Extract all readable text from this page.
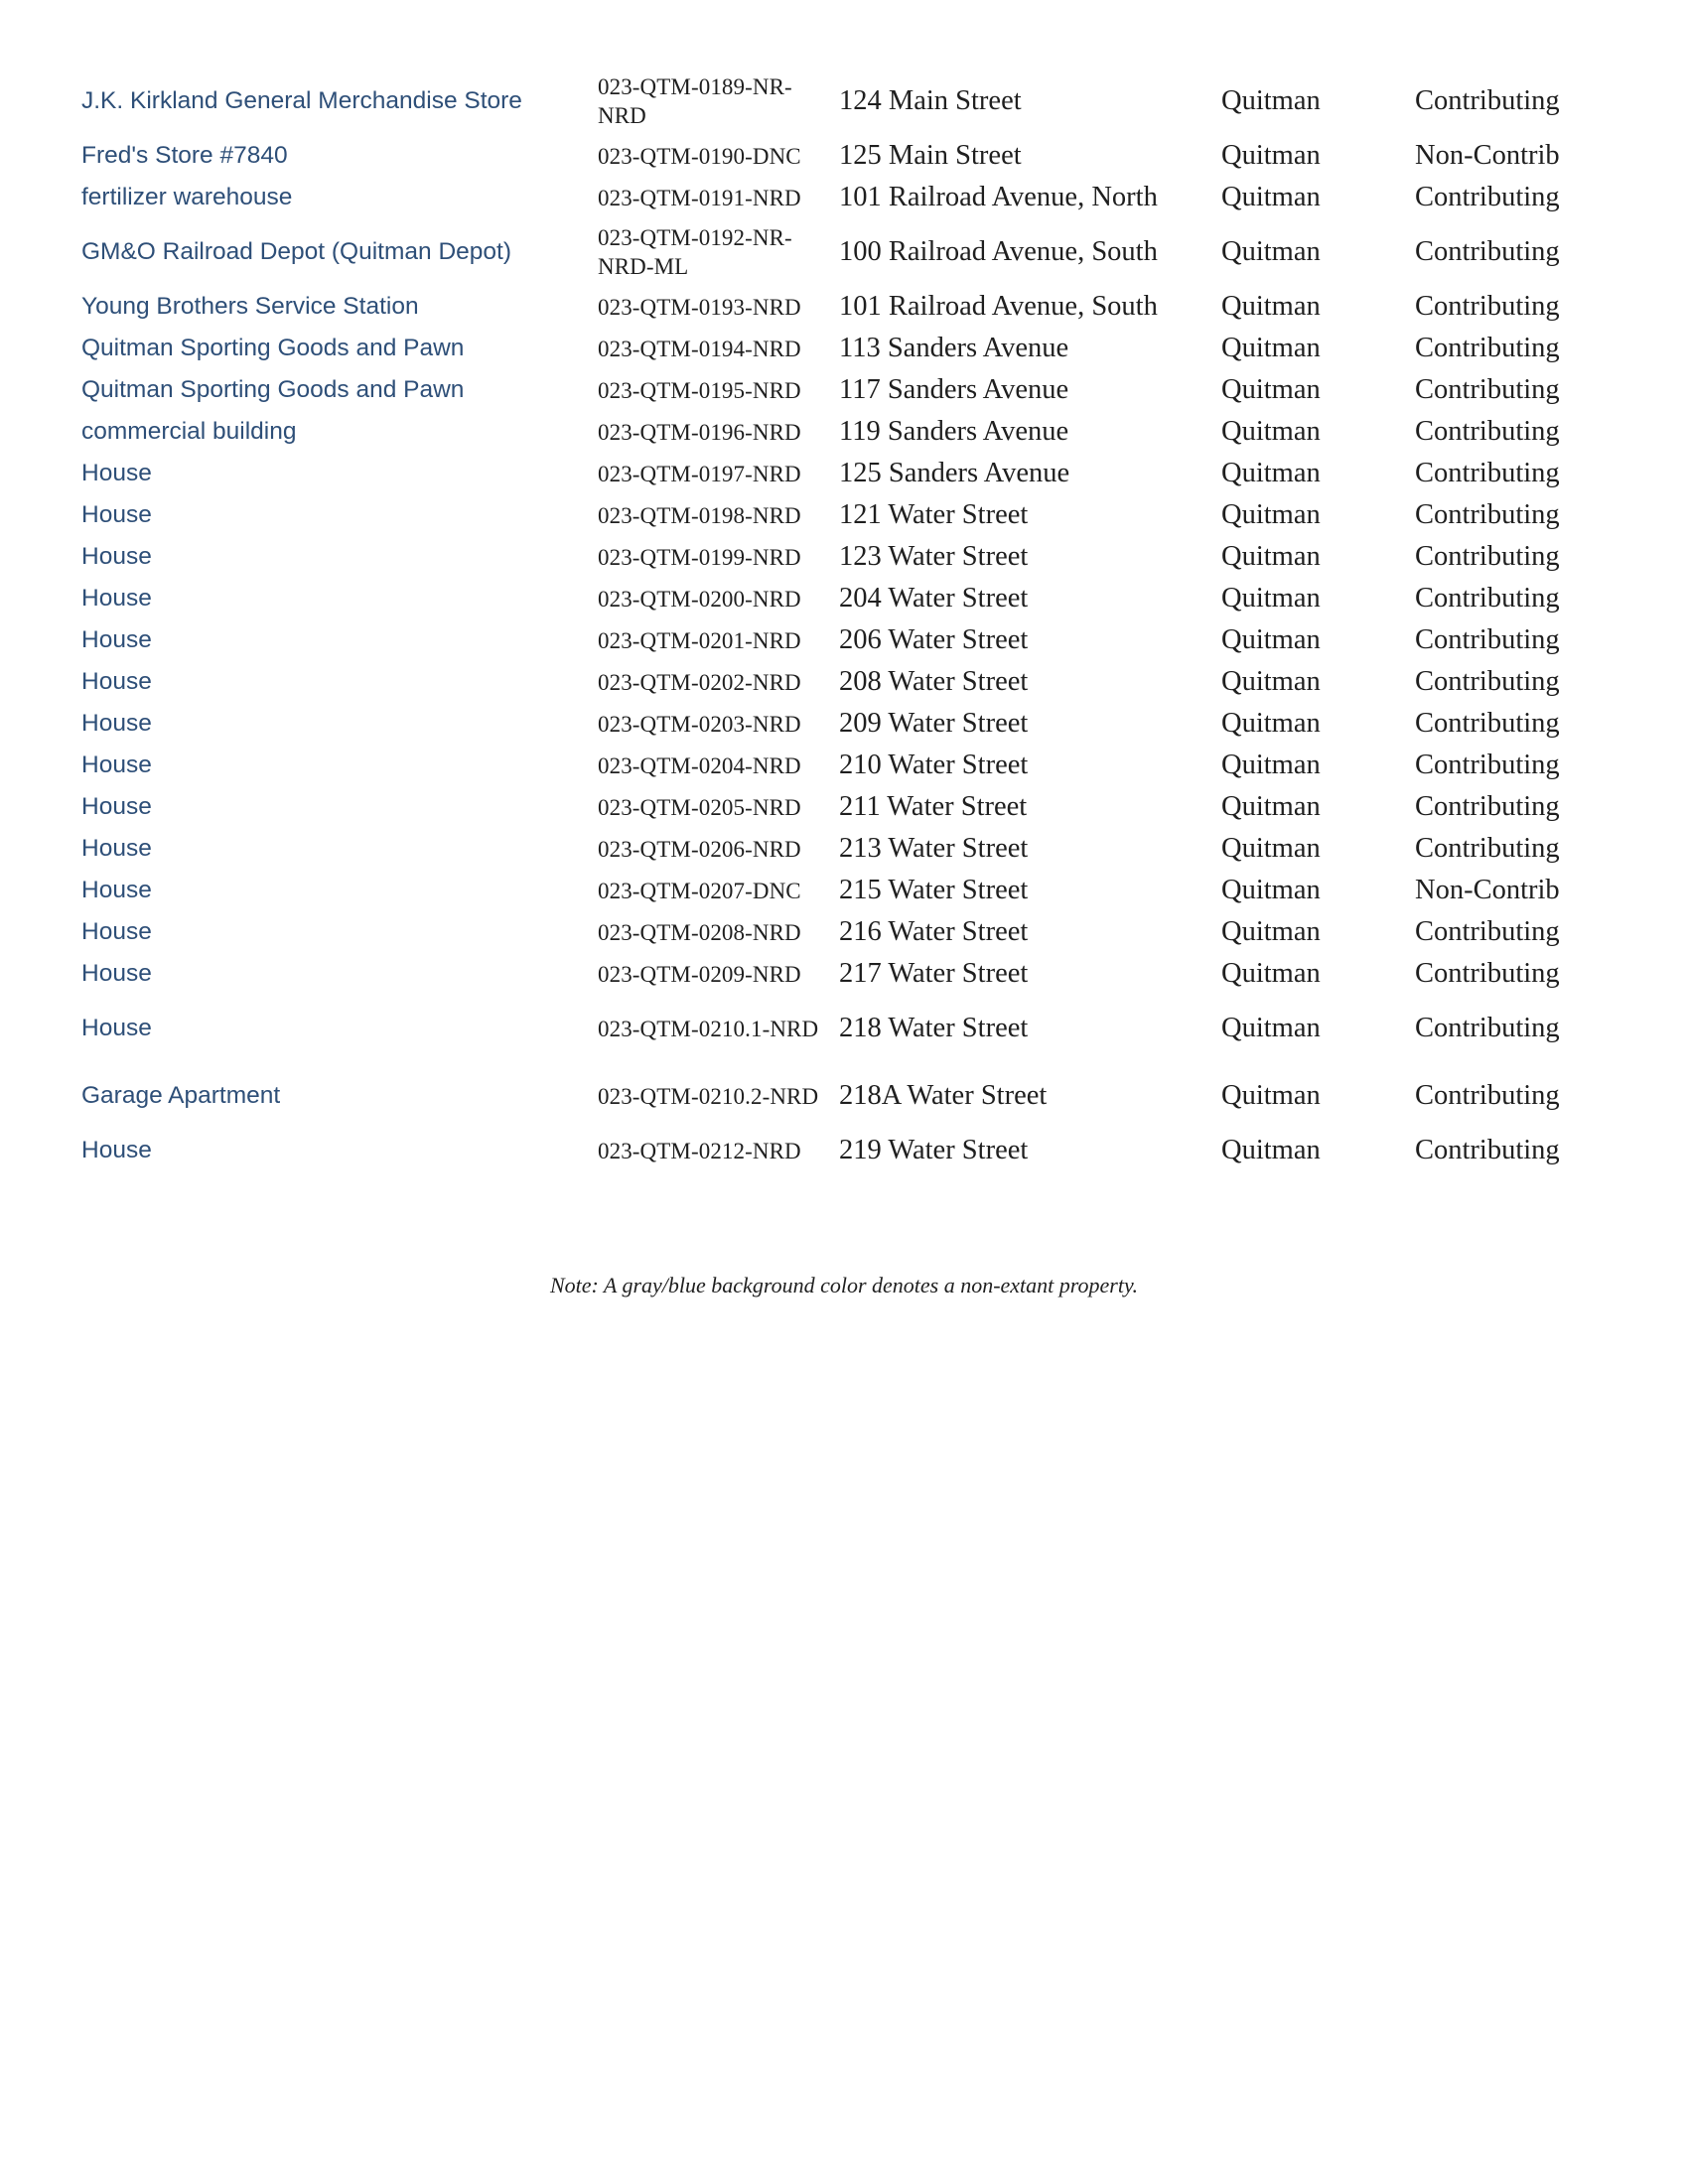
J.K. Kirkland General Merchandise Store	023-QTM-0189-NR-NRD	124 Main Street	Quitman	Contributing
Fred's Store #7840	023-QTM-0190-DNC	125 Main Street	Quitman	Non-Contrib
fertilizer warehouse	023-QTM-0191-NRD	101 Railroad Avenue, North	Quitman	Contributing
GM&O Railroad Depot (Quitman Depot)	023-QTM-0192-NR-NRD-ML	100 Railroad Avenue, South	Quitman	Contributing
Young Brothers Service Station	023-QTM-0193-NRD	101 Railroad Avenue, South	Quitman	Contributing
Quitman Sporting Goods and Pawn	023-QTM-0194-NRD	113 Sanders Avenue	Quitman	Contributing
Quitman Sporting Goods and Pawn	023-QTM-0195-NRD	117 Sanders Avenue	Quitman	Contributing
commercial building	023-QTM-0196-NRD	119 Sanders Avenue	Quitman	Contributing
House	023-QTM-0197-NRD	125 Sanders Avenue	Quitman	Contributing
House	023-QTM-0198-NRD	121 Water Street	Quitman	Contributing
House	023-QTM-0199-NRD	123 Water Street	Quitman	Contributing
House	023-QTM-0200-NRD	204 Water Street	Quitman	Contributing
House	023-QTM-0201-NRD	206 Water Street	Quitman	Contributing
House	023-QTM-0202-NRD	208 Water Street	Quitman	Contributing
House	023-QTM-0203-NRD	209 Water Street	Quitman	Contributing
House	023-QTM-0204-NRD	210 Water Street	Quitman	Contributing
House	023-QTM-0205-NRD	211 Water Street	Quitman	Contributing
House	023-QTM-0206-NRD	213 Water Street	Quitman	Contributing
House	023-QTM-0207-DNC	215 Water Street	Quitman	Non-Contrib
House	023-QTM-0208-NRD	216 Water Street	Quitman	Contributing
House	023-QTM-0209-NRD	217 Water Street	Quitman	Contributing
House	023-QTM-0210.1-NRD	218 Water Street	Quitman	Contributing
Garage Apartment	023-QTM-0210.2-NRD	218A Water Street	Quitman	Contributing
House	023-QTM-0212-NRD	219 Water Street	Quitman	Contributing
Note: A gray/blue background color denotes a non-extant property.
